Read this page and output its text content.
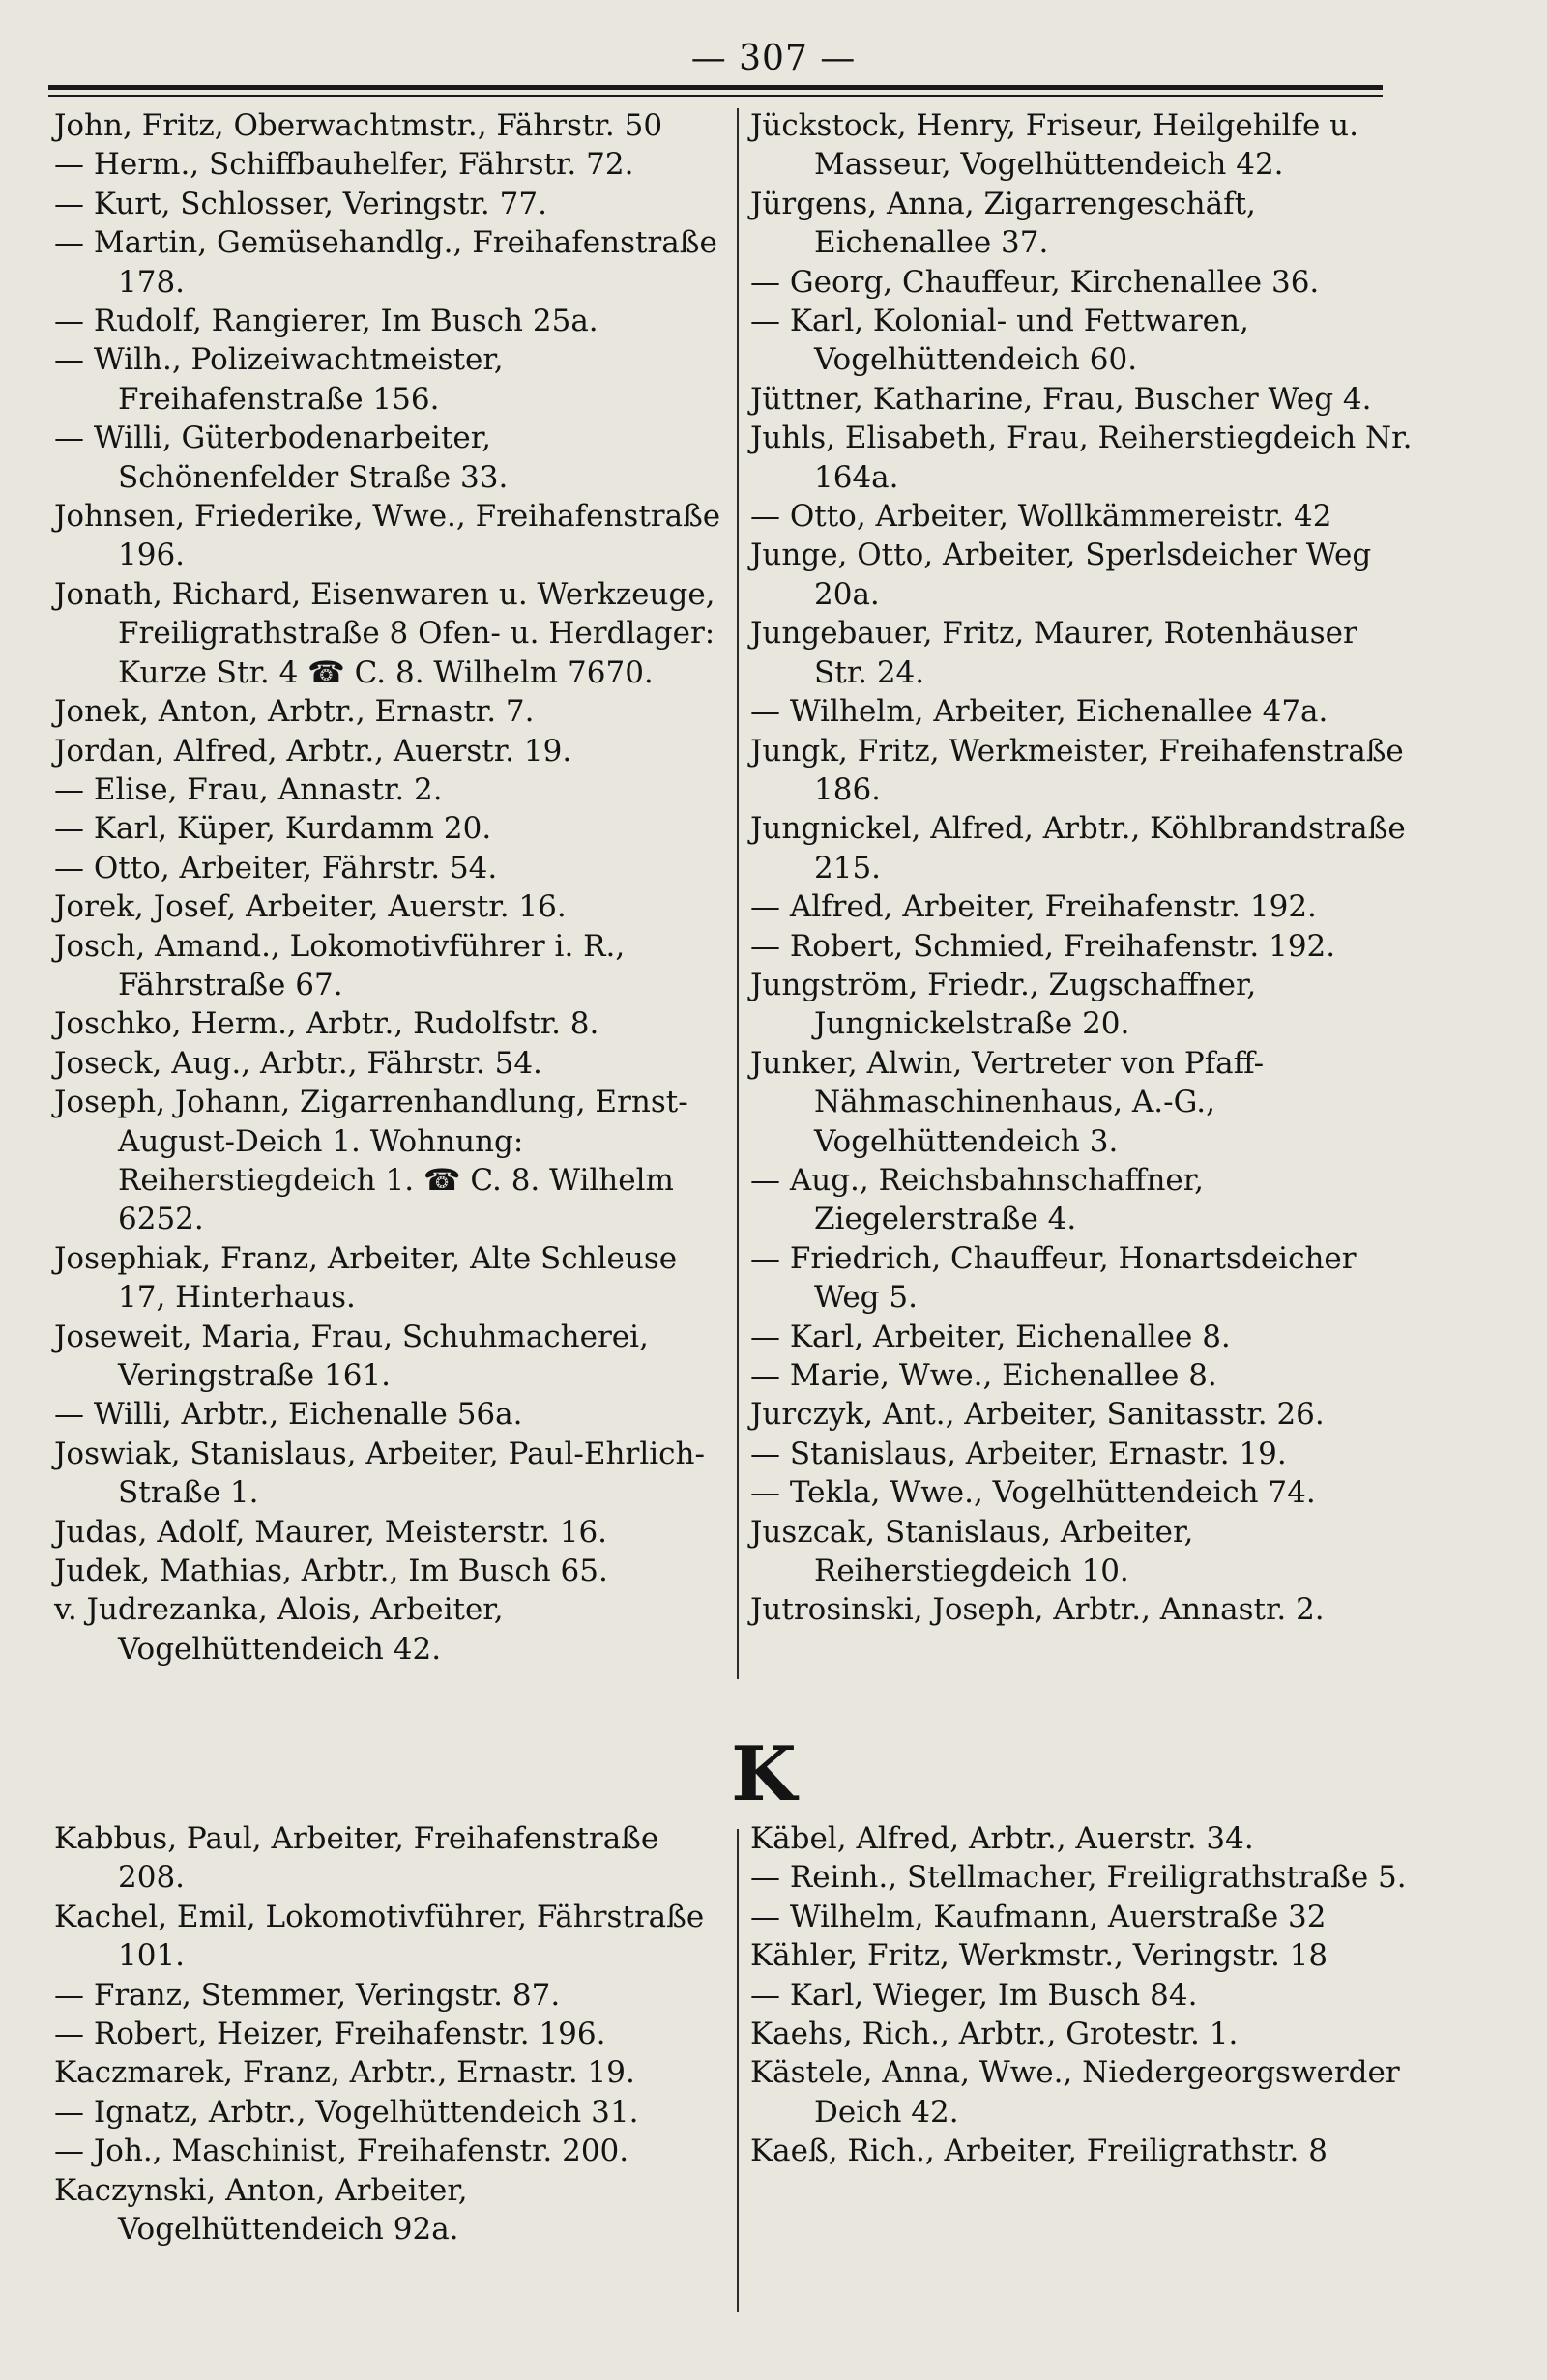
— 307 —
John, Fritz, Oberwachtmstr., Fährstr. 50
— Herm., Schiffbauhelfer, Fährstr. 72.
— Kurt, Schlosser, Veringstr. 77.
— Martin, Gemüsehandlg., Freihafenstraße 178.
— Rudolf, Rangierer, Im Busch 25a.
— Wilh., Polizeiwachtmeister, Freihafenstraße 156.
— Willi, Güterbodenarbeiter, Schönenfelder Straße 33.
Johnsen, Friederike, Wwe., Freihafenstraße 196.
Jonath, Richard, Eisenwaren u. Werkzeuge, Freiligrathstraße 8 Ofen- u. Herdlager: Kurze Str. 4 ☎ C. 8. Wilhelm 7670.
Jonek, Anton, Arbtr., Ernastr. 7.
Jordan, Alfred, Arbtr., Auerstr. 19.
— Elise, Frau, Annastr. 2.
— Karl, Küper, Kurdamm 20.
— Otto, Arbeiter, Fährstr. 54.
Jorek, Josef, Arbeiter, Auerstr. 16.
Josch, Amand., Lokomotivführer i. R., Fährstraße 67.
Joschko, Herm., Arbtr., Rudolfstr. 8.
Joseck, Aug., Arbtr., Fährstr. 54.
Joseph, Johann, Zigarrenhandlung, Ernst-August-Deich 1. Wohnung: Reiherstiegdeich 1. ☎ C. 8. Wilhelm 6252.
Josephiak, Franz, Arbeiter, Alte Schleuse 17, Hinterhaus.
Josewеit, Maria, Frau, Schuhmacherei, Veringstraße 161.
— Willi, Arbtr., Eichenalle 56a.
Joswiak, Stanislaus, Arbeiter, Paul-Ehrlich-Straße 1.
Judas, Adolf, Maurer, Meisterstr. 16.
Judek, Mathias, Arbtr., Im Busch 65.
v. Judrezanka, Alois, Arbeiter, Vogelhüttendeich 42.
Jückstock, Henry, Friseur, Heilgehilfe u. Masseur, Vogelhüttendeich 42.
Jürgens, Anna, Zigarrengeschäft, Eichenallee 37.
— Georg, Chauffeur, Kirchenallee 36.
— Karl, Kolonial- und Fettwaren, Vogelhüttendeich 60.
Jüttner, Katharine, Frau, Buscher Weg 4.
Juhls, Elisabeth, Frau, Reiherstiegdeich Nr. 164a.
— Otto, Arbeiter, Wollkämmereistr. 42
Junge, Otto, Arbeiter, Sperlsdeicher Weg 20a.
Jungebauer, Fritz, Maurer, Rotenhäuser Str. 24.
— Wilhelm, Arbeiter, Eichenallee 47a.
Jungk, Fritz, Werkmeister, Freihafenstraße 186.
Jungnickel, Alfred, Arbtr., Köhlbrandstraße 215.
— Alfred, Arbeiter, Freihafenstr. 192.
— Robert, Schmied, Freihafenstr. 192.
Jungström, Friedr., Zugschaffner, Jungnickelstraße 20.
Junker, Alwin, Vertreter von Pfaff-Nähmaschinenhaus, A.-G., Vogelhüttendeich 3.
— Aug., Reichsbahnschaffner, Ziegelerstraße 4.
— Friedrich, Chauffeur, Honartsdeicher Weg 5.
— Karl, Arbeiter, Eichenallee 8.
— Marie, Wwe., Eichenallee 8.
Jurczyk, Ant., Arbeiter, Sanitasstr. 26.
— Stanislaus, Arbeiter, Ernastr. 19.
— Tekla, Wwe., Vogelhüttendeich 74.
Juszcak, Stanislaus, Arbeiter, Reiherstiegdeich 10.
Jutrosinski, Joseph, Arbtr., Annastr. 2.
K
Kabbus, Paul, Arbeiter, Freihafenstraße 208.
Kachel, Emil, Lokomotivführer, Fährstraße 101.
— Franz, Stemmer, Veringstr. 87.
— Robert, Heizer, Freihafenstr. 196.
Kaczmarek, Franz, Arbtr., Ernastr. 19.
— Ignatz, Arbtr., Vogelhüttendeich 31.
— Joh., Maschinist, Freihafenstr. 200.
Kaczynski, Anton, Arbeiter, Vogelhüttendeich 92a.
Käbel, Alfred, Arbtr., Auerstr. 34.
— Reinh., Stellmacher, Freiligrathstraße 5.
— Wilhelm, Kaufmann, Auerstraße 32
Kähler, Fritz, Werkmstr., Veringstr. 18
— Karl, Wieger, Im Busch 84.
Kaehs, Rich., Arbtr., Grotestr. 1.
Kästele, Anna, Wwe., Niedergeorgswerder Deich 42.
Kaeß, Rich., Arbeiter, Freiligrathstr. 8
